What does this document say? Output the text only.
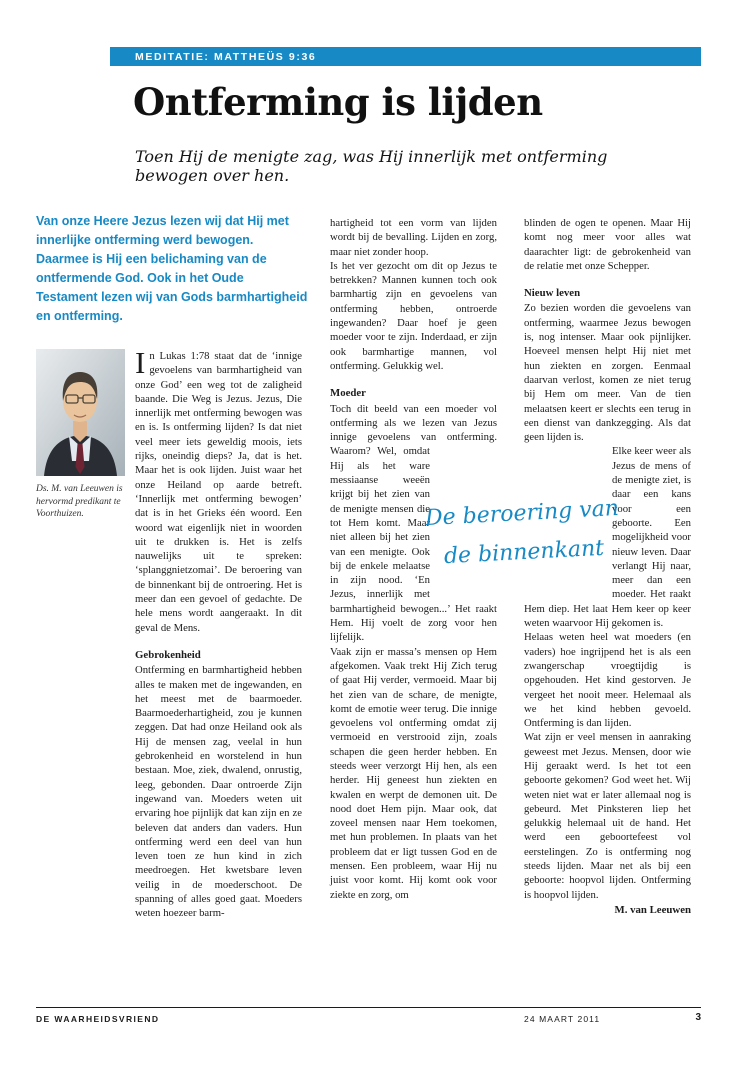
MEDITATIE: MATTHEÜS 9:36
Ontferming is lijden

Toen Hij de menigte zag, was Hij innerlijk met ontferming bewogen over hen.

Van onze Heere Jezus lezen wij dat Hij met innerlijke ontferming werd bewogen. Daarmee is Hij een belichaming van de ontfermende God. Ook in het Oude Testament lezen wij van Gods barmhartigheid en ontferming.

Ds. M. van Leeuwen is hervormd predikant te Voorthuizen.

In Lukas 1:78 staat dat de ‘innige gevoelens van barmhartigheid van onze God’ een weg tot de zaligheid baande. Die Weg is Jezus. Jezus, Die innerlijk met ontferming bewogen was en is. Is ontferming lijden? Is dat niet veel meer iets geweldig moois, iets rijks, oneindig dieps? Ja, dat is het. Maar het is ook lijden. Juist waar het onze Heiland op aarde betreft. ‘Innerlijk met ontferming bewogen’ dat is in het Grieks één woord. Een woord wat eigenlijk niet in woorden uit te drukken is. Het is zelfs nauwelijks uit te spreken: ‘splanggnietzomai’. De beroering van de binnenkant bij de ontroering. Het is meer dan een gevoel of gedachte. De hele mens wordt aangeraakt. In dit geval de Mens.

Gebrokenheid

Ontferming en barmhartigheid hebben alles te maken met de ingewanden, en het meest met de baarmoeder. Baarmoederhartigheid, zou je kunnen zeggen. Dat had onze Heiland ook als Hij de mensen zag, veelal in hun gebrokenheid en worstelend in hun bestaan. Moe, ziek, dwalend, onrustig, leeg, gebonden. Daar ontroerde Zijn ingewand van. Moeders weten uit ervaring hoe pijnlijk dat kan zijn en ze beleven dat anders dan vaders. Hun ontferming werd een deel van hun leven toen ze hun kind in zich meedroegen. Het kwetsbare leven veilig in de moederschoot. De spanning of alles goed gaat. Moeders weten hoezeer barm-

hartigheid tot een vorm van lijden wordt bij de bevalling. Lijden en zorg, maar niet zonder hoop.

Is het ver gezocht om dit op Jezus te betrekken? Mannen kunnen toch ook barmhartig zijn en gevoelens van ontferming hebben, ontroerde ingewanden? Daar hoef je geen moeder voor te zijn. Inderdaad, er zijn ook barmhartige mannen, vol ontferming. Gelukkig wel.

Moeder

Toch dit beeld van een moeder vol ontferming als we lezen van Jezus innige gevoelens van ontferming.
Waarom? Wel, omdat Hij als het ware messiaanse weeën krijgt bij het zien van de menigte mensen die tot Hem komt. Maar niet alleen bij het zien van een menigte. Ook bij de enkele melaatse in zijn nood. ‘En Jezus, innerlijk met barmhartigheid bewogen...’ Het raakt Hem. Hij voelt de zorg voor hen lijfelijk.

Vaak zijn er massa’s mensen op Hem afgekomen. Vaak trekt Hij Zich terug of gaat Hij verder, vermoeid. Maar bij het zien van de schare, de menigte, komt de emotie weer terug. Die innige gevoelens vol ontferming omdat zij vermoeid en verstrooid zijn, zoals schapen die geen herder hebben. En steeds weer verzorgt Hij hen, als een herder. Hij geneest hun ziekten en kwalen en werpt de demonen uit. De nood doet Hem pijn. Maar ook, dat zoveel mensen naar Hem toekomen, met hun problemen. In plaats van het probleem dat er ligt tussen God en de mensen. Een probleem, waar Hij nu juist voor komt. Hij komt ook voor ziekte en zorg, om

blinden de ogen te openen. Maar Hij komt nog meer voor alles wat daarachter ligt: de gebrokenheid van de relatie met onze Schepper.

Nieuw leven

Zo bezien worden die gevoelens van ontferming, waarmee Jezus bewogen is, nog intenser. Maar ook pijnlijker. Hoeveel mensen helpt Hij niet met hun ziekten en zorgen. Eenmaal daarvan verlost, komen ze niet terug bij Hem om meer. Van de tien melaatsen keert er slechts een terug in een dienst van dankzegging. Als dat geen lijden is.

Elke keer weer als Jezus de mens of de menigte ziet, is daar een kans voor een geboorte. Een mogelijkheid voor nieuw leven. Daar verlangt Hij naar, meer dan een moeder. Het raakt Hem diep. Het laat Hem keer op keer weten waarvoor Hij gekomen is.

Helaas weten heel wat moeders (en vaders) hoe ingrijpend het is als een zwangerschap vroegtijdig is opgehouden. Het kind gestorven. Je vergeet het nooit meer. Helemaal als we het kind hebben gevoeld. Ontferming is dan lijden.

Wat zijn er veel mensen in aanraking geweest met Jezus. Mensen, door wie Hij geraakt werd. Is het tot een geboorte gekomen? God weet het. Wij weten niet wat er later allemaal nog is gebeurd. Met Pinksteren liep het gelukkig helemaal uit de hand. Het werd een geboortefeest vol eerstelingen. Zo is ontferming nog steeds lijden. Maar net als bij een geboorte: hoopvol lijden. Ontferming is hoopvol lijden.

M. van Leeuwen

De beroering van
de binnenkant
DE WAARHEIDSVRIEND	24 MAART 2011	3
